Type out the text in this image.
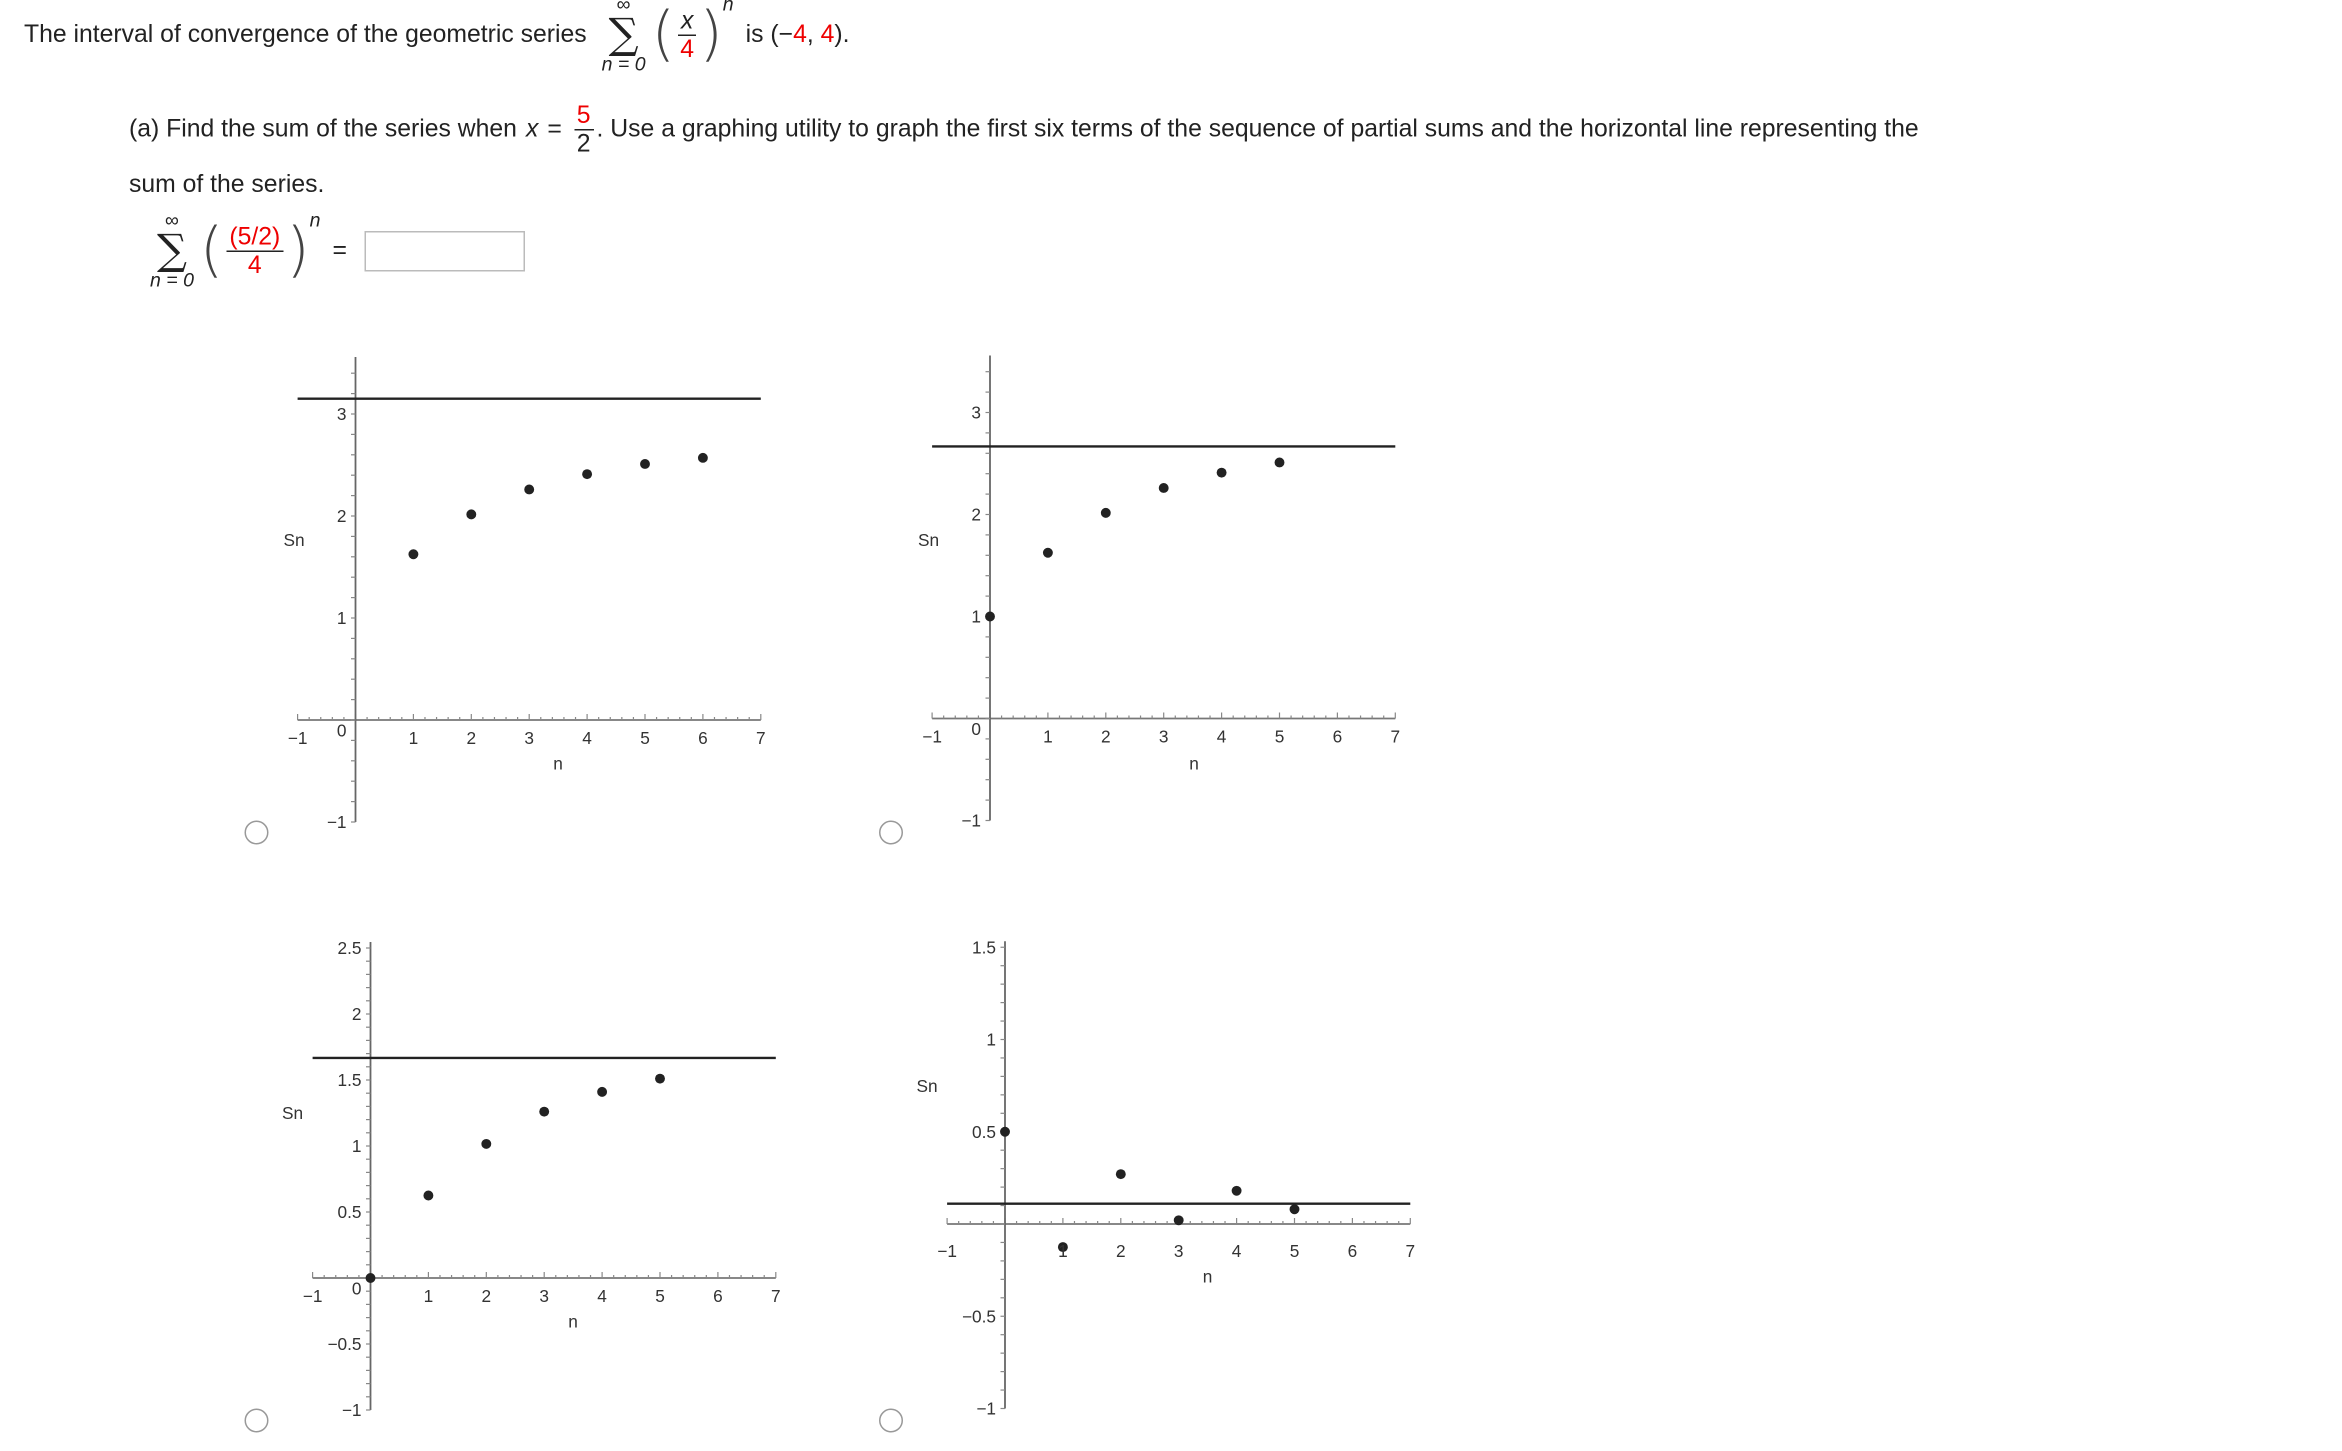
The interval of convergence of the geometric series
∞
∑
n = 0 ( $\frac{x}{4}$ ) n
is (−4, 4).
(a) Find the sum of the series when $x = \frac{5}{2}$ . Use a graphing utility to graph the first six terms of the sequence of partial sums and the horizontal line representing the
sum of the series.
∞
∑
n = 0 ( $\frac{(5/2)}{4}$ ) n
=
−1	1	2	3	4	5	6	7
3
2
1
−1
0
Sn
n
−1	1	2	3	4	5	6	7
3
2
1
−1
0
Sn
n
−1	1	2	3	4	5	6	7
2.5
2
1.5
1
0.5
−0.5
−1
0
Sn
n
−1	1	2	3	4	5	6	7
1.5
1
0.5
−0.5
−1
Sn
n
